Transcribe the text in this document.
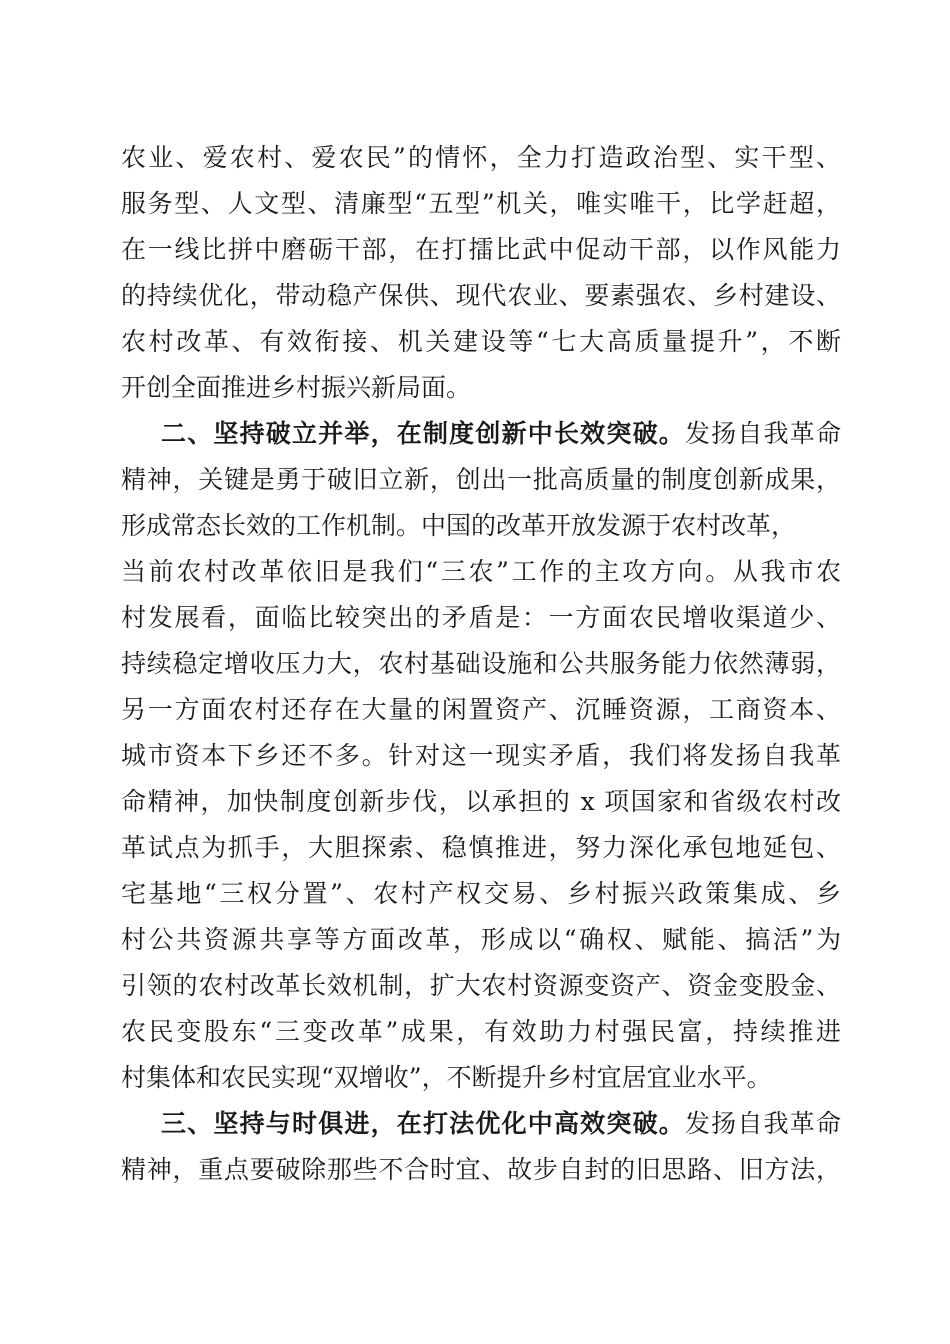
农业、爱农村、爱农民”的情怀，全力打造政治型、实干型、
服务型、人文型、清廉型“五型”机关，唯实唯干，比学赶超，
在一线比拼中磨砺干部，在打擂比武中促动干部，以作风能力
的持续优化，带动稳产保供、现代农业、要素强农、乡村建设、
农村改革、有效衔接、机关建设等“七大高质量提升”，不断
开创全面推进乡村振兴新局面。
二、坚持破立并举，在制度创新中长效突破。发扬自我革命
精神，关键是勇于破旧立新，创出一批高质量的制度创新成果，
形成常态长效的工作机制。中国的改革开放发源于农村改革，
当前农村改革依旧是我们“三农”工作的主攻方向。从我市农
村发展看，面临比较突出的矛盾是：一方面农民增收渠道少、
持续稳定增收压力大，农村基础设施和公共服务能力依然薄弱，
另一方面农村还存在大量的闲置资产、沉睡资源，工商资本、
城市资本下乡还不多。针对这一现实矛盾，我们将发扬自我革
命精神，加快制度创新步伐，以承担的 x 项国家和省级农村改
革试点为抓手，大胆探索、稳慎推进，努力深化承包地延包、
宅基地“三权分置”、农村产权交易、乡村振兴政策集成、乡
村公共资源共享等方面改革，形成以“确权、赋能、搞活”为
引领的农村改革长效机制，扩大农村资源变资产、资金变股金、
农民变股东“三变改革”成果，有效助力村强民富，持续推进
村集体和农民实现“双增收”，不断提升乡村宜居宜业水平。
三、坚持与时俱进，在打法优化中高效突破。发扬自我革命
精神，重点要破除那些不合时宜、故步自封的旧思路、旧方法，
